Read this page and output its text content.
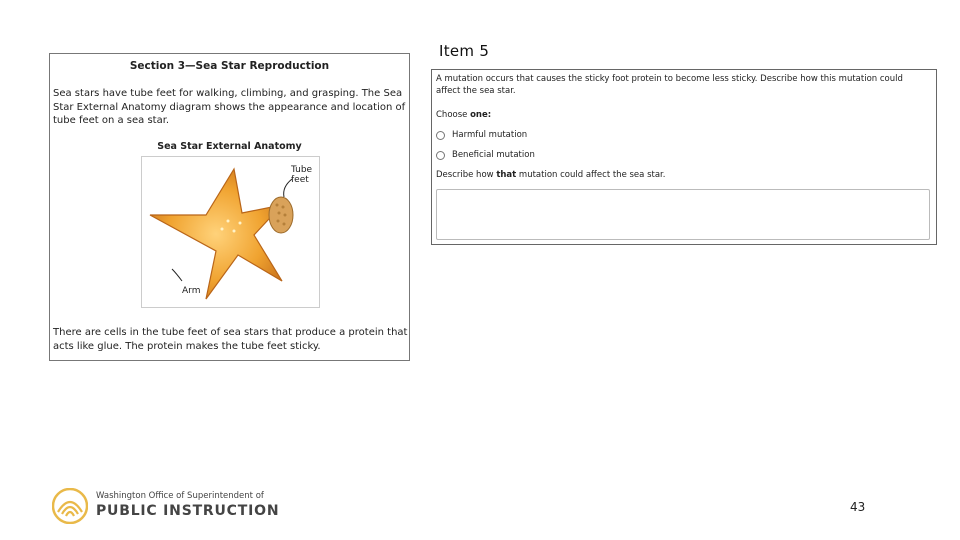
Section 3—Sea Star Reproduction
Sea stars have tube feet for walking, climbing, and grasping. The Sea Star External Anatomy diagram shows the appearance and location of tube feet on a sea star.
Sea Star External Anatomy
Tube
feet
Arm
There are cells in the tube feet of sea stars that produce a protein that acts like glue. The protein makes the tube feet sticky.
Item 5
A mutation occurs that causes the sticky foot protein to become less sticky. Describe how this mutation could affect the sea star.
Choose one:
Harmful mutation
Beneficial mutation
Describe how that mutation could affect the sea star.
Washington Office of Superintendent of
PUBLIC INSTRUCTION	43
